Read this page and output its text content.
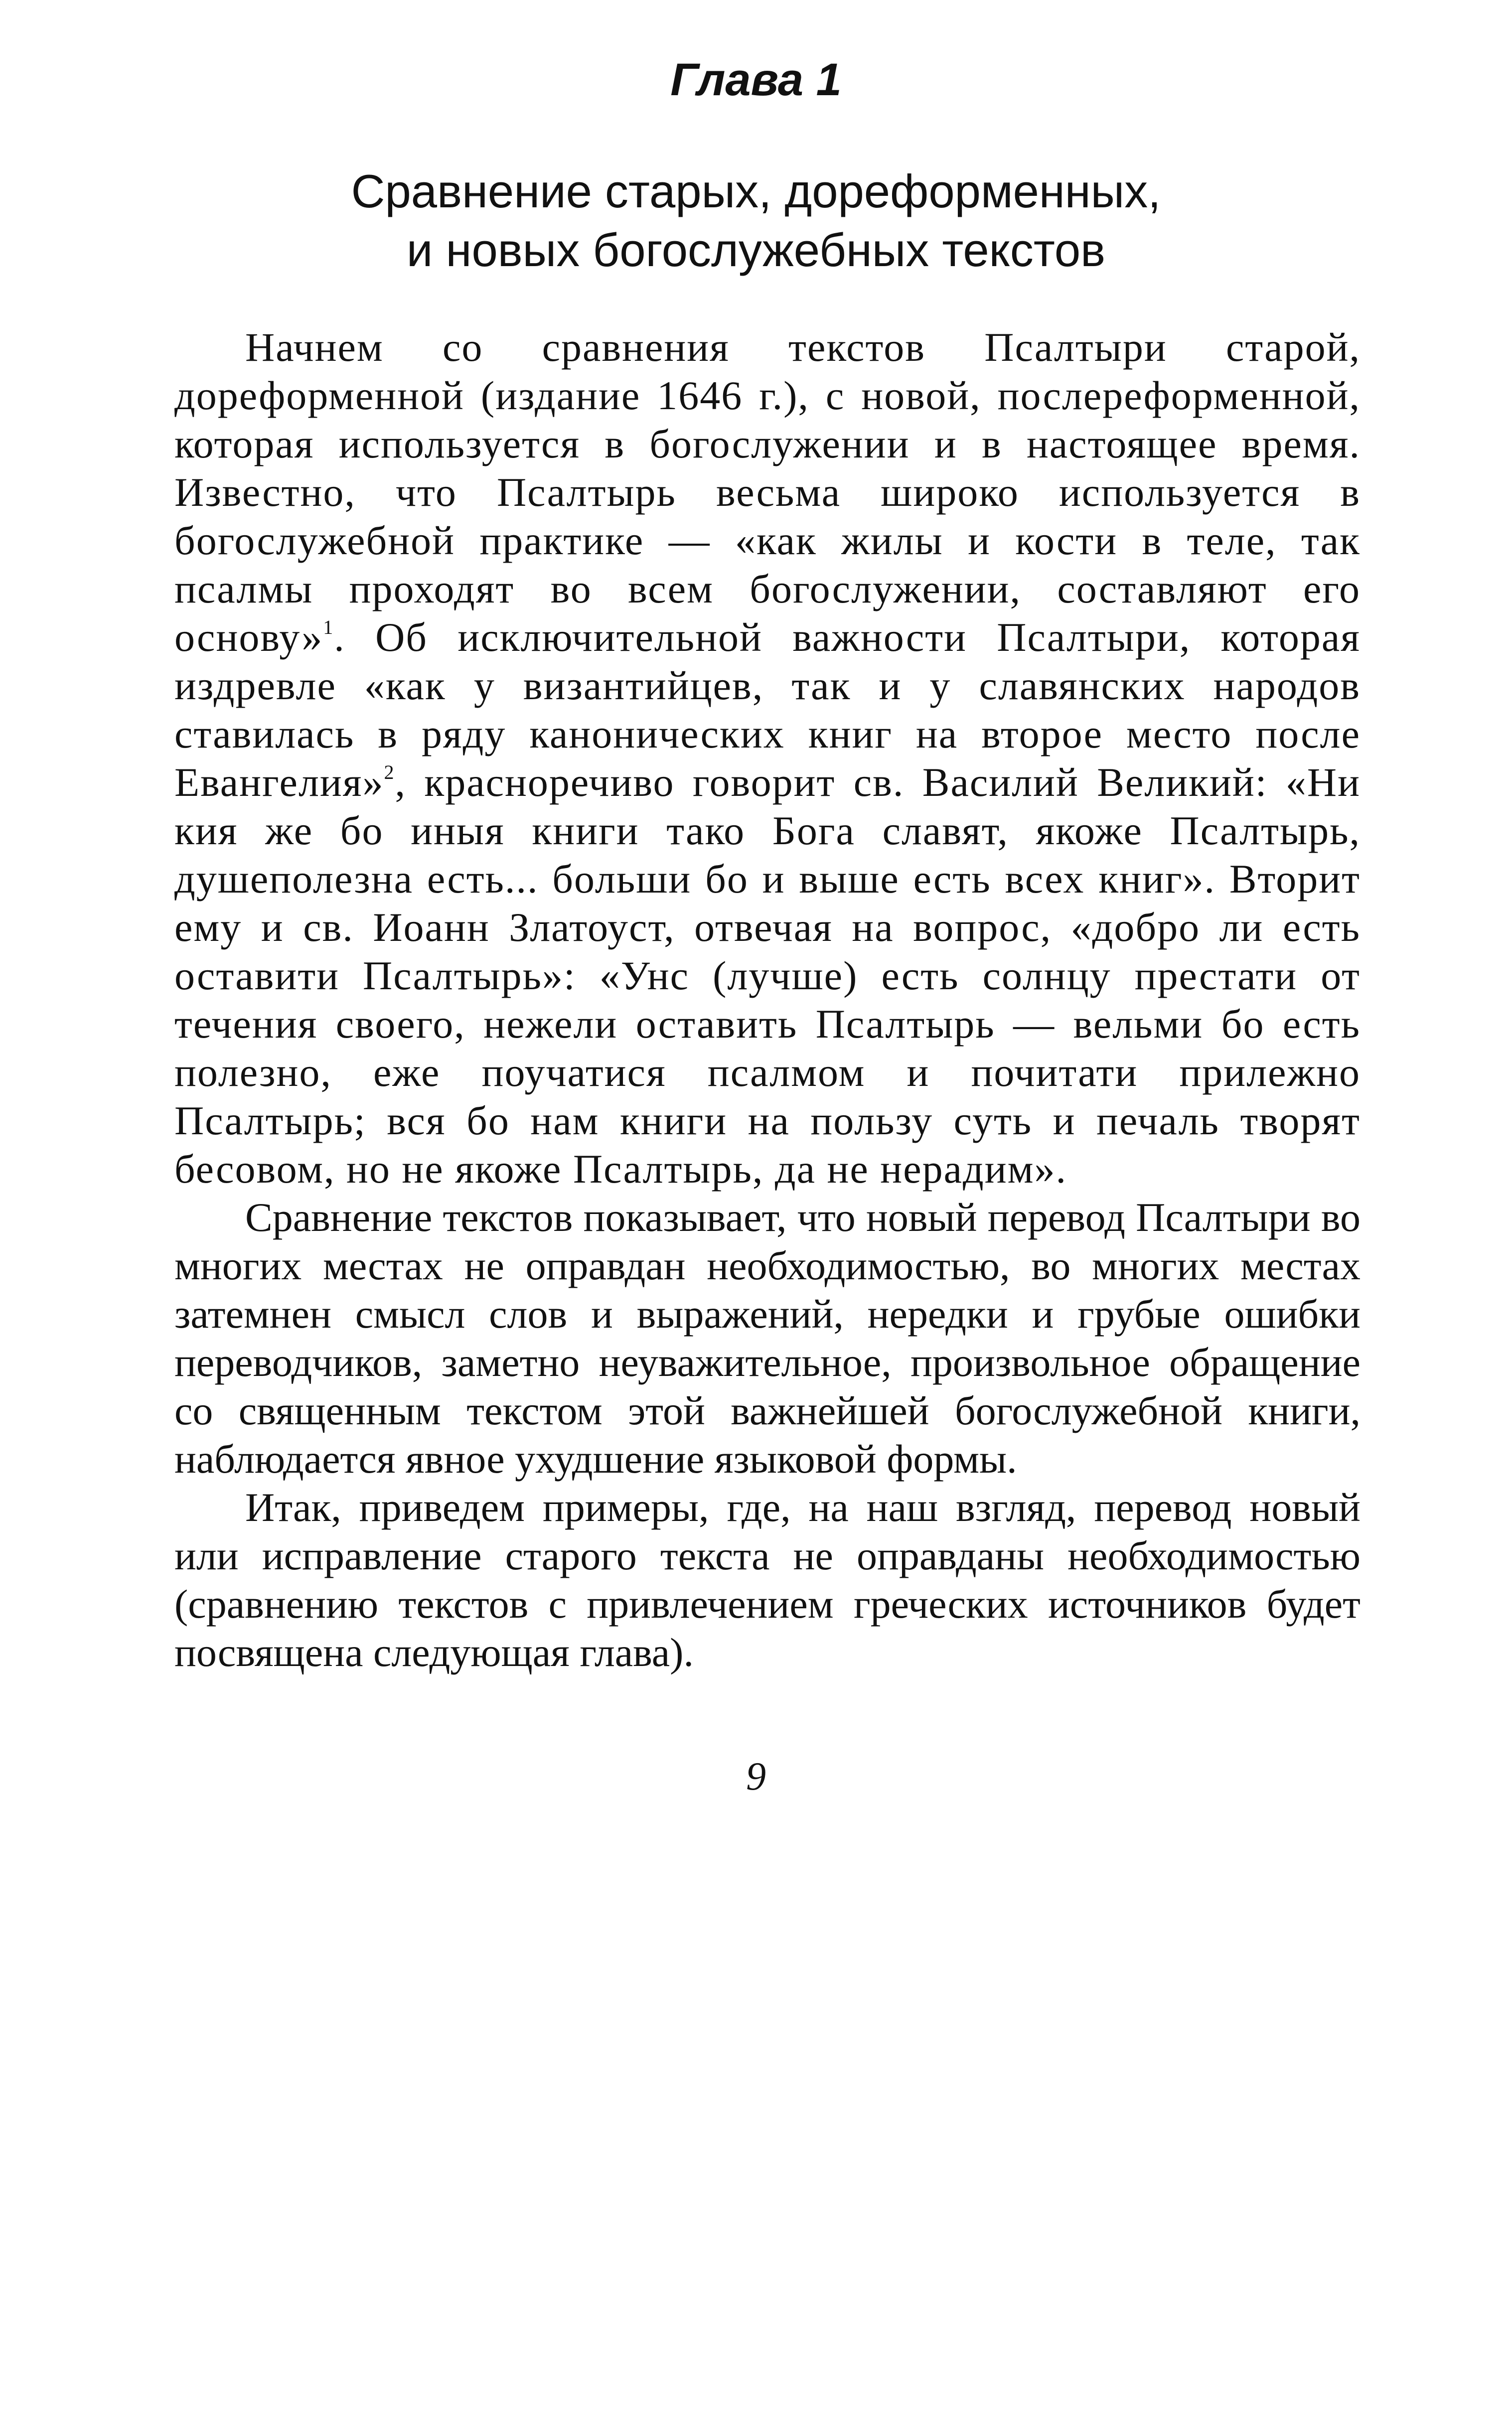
Глава 1
Сравнение старых, дореформенных,
и новых богослужебных текстов

Начнем со сравнения текстов Псалтыри старой, дореформенной (издание 1646 г.), с новой, послереформенной, которая используется в богослужении и в настоящее время. Известно, что Псалтырь весьма широко используется в богослужебной практике — «как жилы и кости в теле, так псалмы проходят во всем богослужении, составляют его основу»$^1$. Об исключительной важности Псалтыри, которая издревле «как у византийцев, так и у славянских народов ставилась в ряду канонических книг на второе место после Евангелия»$^2$, красноречиво говорит св. Василий Великий: «Ни кия же бо иныя книги тако Бога славят, якоже Псалтырь, душеполезна есть... больши бо и выше есть всех книг». Вторит ему и св. Иоанн Златоуст, отвечая на вопрос, «добро ли есть оставити Псалтырь»: «Унс (лучше) есть солнцу престати от течения своего, нежели оставить Псалтырь — вельми бо есть полезно, еже поучатися псалмом и почитати прилежно Псалтырь; вся бо нам книги на пользу суть и печаль творят бесовом, но не якоже Псалтырь, да не нерадим».

Сравнение текстов показывает, что новый перевод Псалтыри во многих местах не оправдан необходимостью, во многих местах затемнен смысл слов и выражений, нередки и грубые ошибки переводчиков, заметно неуважительное, произвольное обращение со священным текстом этой важнейшей богослужебной книги, наблюдается явное ухудшение языковой формы.

Итак, приведем примеры, где, на наш взгляд, перевод новый или исправление старого текста не оправданы необходимостью (сравнению текстов с привлечением греческих источников будет посвящена следующая глава).

9
